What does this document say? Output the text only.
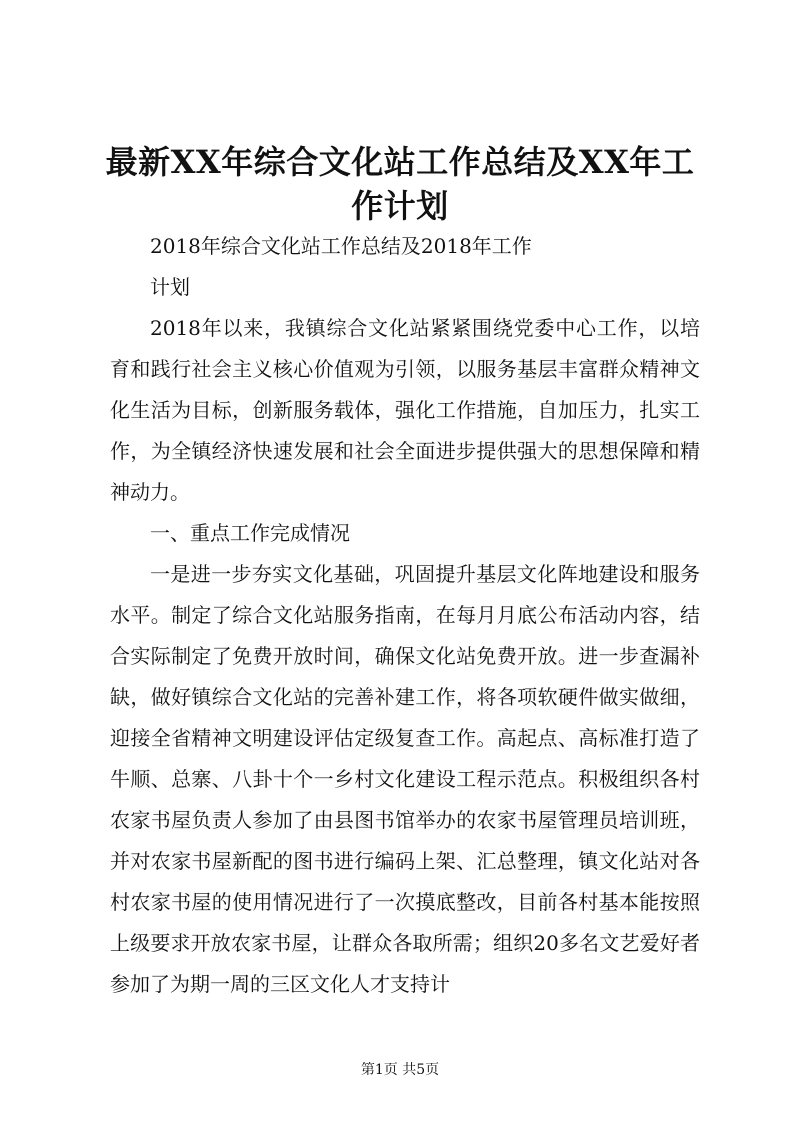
最新XX年综合文化站工作总结及XX年工作计划

2018年综合文化站工作总结及2018年工作

计划

2018年以来，我镇综合文化站紧紧围绕党委中心工作，以培育和践行社会主义核心价值观为引领，以服务基层丰富群众精神文化生活为目标，创新服务载体，强化工作措施，自加压力，扎实工作，为全镇经济快速发展和社会全面进步提供强大的思想保障和精神动力。

一、重点工作完成情况

一是进一步夯实文化基础，巩固提升基层文化阵地建设和服务水平。制定了综合文化站服务指南，在每月月底公布活动内容，结合实际制定了免费开放时间，确保文化站免费开放。进一步查漏补缺，做好镇综合文化站的完善补建工作，将各项软硬件做实做细，迎接全省精神文明建设评估定级复查工作。高起点、高标准打造了牛顺、总寨、八卦十个一乡村文化建设工程示范点。积极组织各村农家书屋负责人参加了由县图书馆举办的农家书屋管理员培训班，并对农家书屋新配的图书进行编码上架、汇总整理，镇文化站对各村农家书屋的使用情况进行了一次摸底整改，目前各村基本能按照上级要求开放农家书屋，让群众各取所需；组织20多名文艺爱好者参加了为期一周的三区文化人才支持计

第1页 共5页
